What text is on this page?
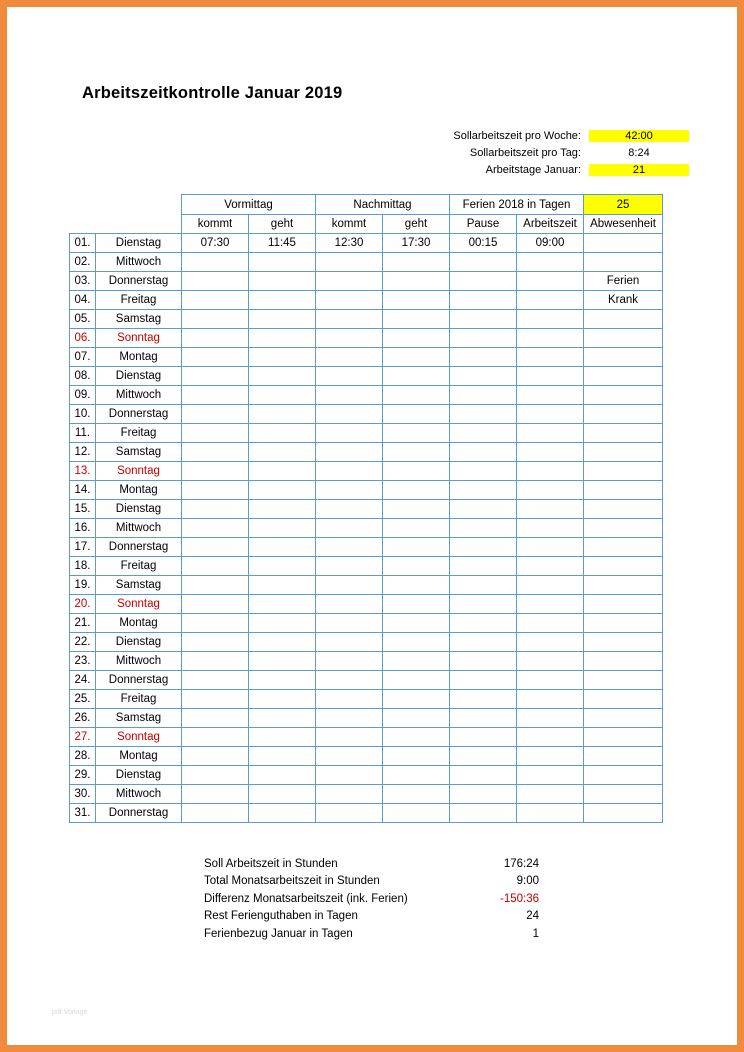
Arbeitszeitkontrolle Januar 2019
Sollarbeitszeit pro Woche:	42:00
Sollarbeitszeit pro Tag:	8:24
Arbeitstage Januar:	21
		Vormittag		Nachmittag		Ferien 2018 in Tagen		25
		kommt	geht	kommt	geht	Pause	Arbeitszeit	Abwesenheit
01.	Dienstag	07:30	11:45	12:30	17:30	00:15	09:00	
02.	Mittwoch							
03.	Donnerstag							Ferien
04.	Freitag							Krank
05.	Samstag							
06.	Sonntag							
07.	Montag							
08.	Dienstag							
09.	Mittwoch							
10.	Donnerstag							
11.	Freitag							
12.	Samstag							
13.	Sonntag							
14.	Montag							
15.	Dienstag							
16.	Mittwoch							
17.	Donnerstag							
18.	Freitag							
19.	Samstag							
20.	Sonntag							
21.	Montag							
22.	Dienstag							
23.	Mittwoch							
24.	Donnerstag							
25.	Freitag							
26.	Samstag							
27.	Sonntag							
28.	Montag							
29.	Dienstag							
30.	Mittwoch							
31.	Donnerstag							
Soll Arbeitszeit in Stunden	176:24
Total Monatsarbeitszeit in Stunden	9:00
Differenz Monatsarbeitszeit (ink. Ferien)	-150:36
Rest Ferienguthaben in Tagen	24
Ferienbezug Januar in Tagen	1
pdf Vorlage
